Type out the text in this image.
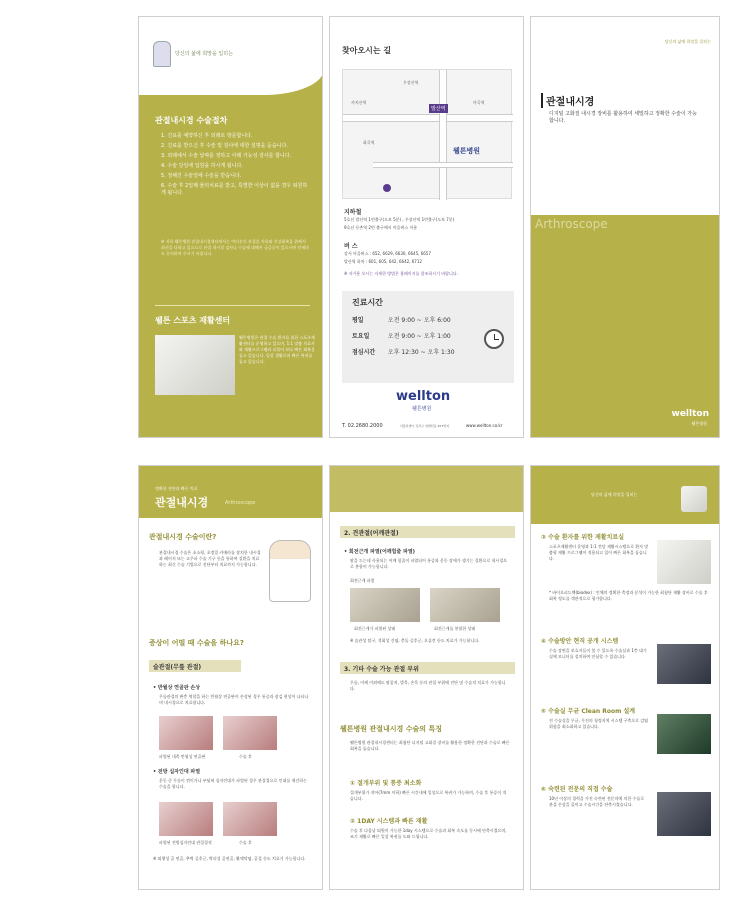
당신의 삶에 희망을 입히는
관절내시경 수술절차
1. 진료를 예약하신 후 외래로 방문합니다.
2. 진료를 받으신 후 수술 및 검사에 대한 설명을 듣습니다.
3. 외래에서 수술 날짜를 정하고 아래 가능성 검사를 합니다.
4. 수술 당일에 입원을 하시게 됩니다.
5. 정해진 수술일에 수술을 받습니다.
6. 수술 후 2일째 물리치료를 받고, 특별한 이상이 없을 경우 퇴원하게 됩니다.
※ 저희 웰튼병원 관절내시경센터에서는 여러분의 관절을 치유와 건강회복을 위해서 최선을 다하고 있으므로 관절 내시경 검사나 수술에 대해서 궁금증이 있으시면 언제라도 문의하여 주시기 바랍니다.
웰튼 스포츠 재활센터
웰튼병원은 관절 수술 환자를 위한 스포츠재활센터를 운영하고 있으며, 1:1 맞춤 치료사와 재활프로그램과 더불어 보다 빠른 회복을 돕고 있습니다. 일상 생활로의 빠른 복귀를 돕고 있습니다.
찾아오시는 길
발산역
우장산역
까치산역
화곡역
마곡역
웰튼병원
지하철
5호선 발산역 1번출구(도보 5분) , 우장산역 1번출구(도보 7분)
9호선 등촌역 2번 출구에서 마을버스 이용
버 스
강서 마을버스 : 652, 6629, 6630, 6645, 6657
발산역 하차 : 601, 605, 642, 6642, 6712
※ 자가용 오시는 자세한 방법은 홈페이지를 참조하시기 바랍니다.
진료시간
평일	오전 9:00 ~ 오후 6:00
토요일	오전 9:00 ~ 오후 1:00
점심시간 오후 12:30 ~ 오후 1:30
wellton
웰튼병원
T. 02.2680.2000	서울특별시 강서구 내발산동 677번지	www.wellton.co.kr
당신의 삶에 희망을 입히는
관절내시경
디지털 고화질 내시경 장비를 활용하여 세밀하고 정확한 수술이 가능합니다.
Arthroscope
wellton
웰튼병원
정확한 진단과 빠른 치료
관절내시경	Arthroscope
관절내시경 수술이란?
관절내시경 수술은 초소형, 초정밀 카메라를 장치한 내시경과 레이저 또는 고주파 수술 기구 등을 통하여 질환을 치료하는 최신 수술 기법으로 진단부터 치료까지 가능합니다.
증상이 어떨 때 수술을 하나요?
슬관절(무릎 관절)
• 반월상 연골판 손상
무릎관절의 완충 역할을 하는 반월상 연골판이 손상된 경우 통증과 잠김 현상이 나타나며 내시경으로 치료합니다.
파열된 내측 반월상 연골판	수술 후
• 전방 십자인대 파열
운동 중 무릎이 꺾이거나 부딪혀 십자인대가 파열된 경우 관절경으로 인대를 재건하는 수술을 합니다.
파열된 전방십자인대 관절경적	수술 후
※ 퇴행성 골 연골, 추벽 증후군, 박리성 골연골, 활액막염, 골절 등도 치료가 가능합니다.
2. 견관절(어깨관절)
• 회전근개 파열(어깨힘줄 파열)
팔을 드는데 사용되는 어깨 힘줄이 파열되어 통증과 운동 장애가 생기는 질환으로 내시경으로 봉합이 가능합니다.
회전근개 파열
회전근개가 파열된 상태	회전근개를 봉합한 상태
※ 습관성 탈구, 석회성 건염, 충돌 증후군, 오십견 등도 치료가 가능합니다.
3. 기타 수술 가능 관절 부위
무릎, 어깨 이외에도 팔꿈치, 발목, 손목 등의 관절 부위에 진단 및 수술적 치료가 가능합니다.
웰튼병원 관절내시경 수술의 특징
웰튼병원 관절내시경센터는 최첨단 디지털 고화질 장비를 활용한 정확한 진단과 수술로 빠른 회복을 돕습니다.
① 절개부위 및 통증 최소화
절개부위가 작아(7mm 이하) 빠른 시간내에 일상으로 복귀가 가능하며, 수술 후 통증이 적습니다.
② 1DAY 시스템과 빠른 재활
수술 후 다음날 퇴원이 가능한 1day 시스템으로 수술과 회복 속도를 동시에 단축시켰으며, 조기 재활로 빠른 일상 복귀를 도와 드립니다.
당신의 삶에 희망을 입히는
③ 수술 환자를 위한 재활치료실
스포츠재활센터 운영과 1:1 전담 재활시스템으로 환자 맞춤형 재활 프로그램이 적용되고 있어 빠른 회복을 돕습니다.
* 바이오피드백(biodex) : 인체의 정확한 측정과 분석이 가능한 최첨단 재활 장비로 수술 후 회복 정도를 객관적으로 평가합니다.
④ 수술방안 현직 공개 시스템
수술 장면을 보호자들이 볼 수 있도록 수술실과 1층 대기실에 모니터를 설치하여 안심할 수 있습니다.
⑤ 수술실 무균 Clean Room 설계
전 수술실을 무균, 무진의 청정지역 시스템 구축으로 감염 위험을 최소화하고 있습니다.
⑥ 숙련된 전문의 직접 수술
10년 이상의 경력을 가진 숙련된 전문의에 의한 수술로 관절 손상을 줄이고 수술시간을 단축시켰습니다.
